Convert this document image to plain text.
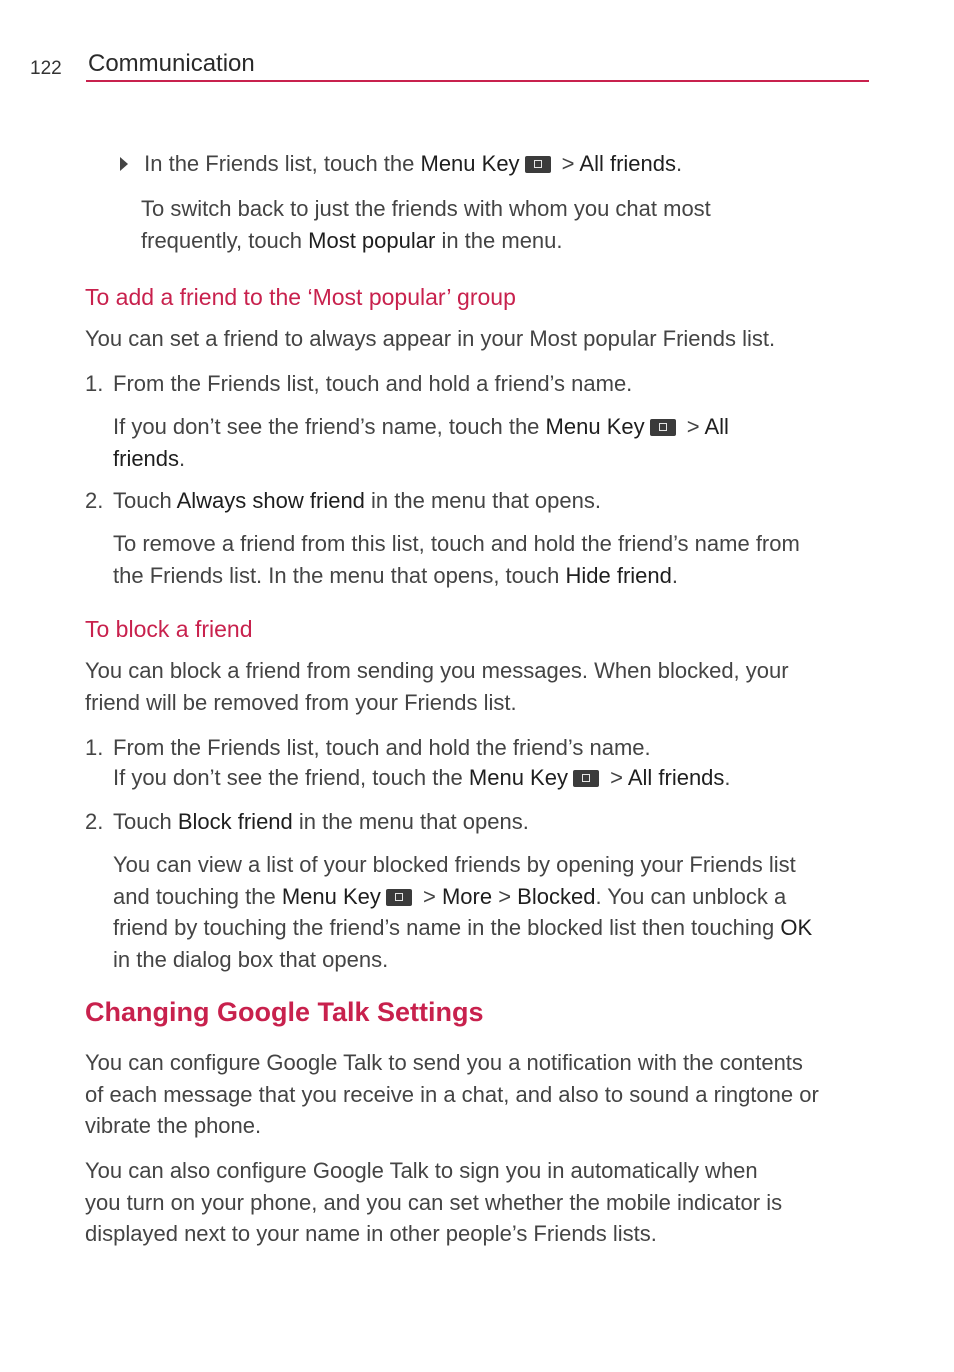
122 Communication
In the Friends list, touch the Menu Key > All friends.
To switch back to just the friends with whom you chat most
frequently, touch Most popular in the menu.
To add a friend to the ‘Most popular’ group
You can set a friend to always appear in your Most popular Friends list.
1. From the Friends list, touch and hold a friend’s name.
If you don’t see the friend’s name, touch the Menu Key > All
friends.
2. Touch Always show friend in the menu that opens.
To remove a friend from this list, touch and hold the friend’s name from
the Friends list. In the menu that opens, touch Hide friend.
To block a friend
You can block a friend from sending you messages. When blocked, your
friend will be removed from your Friends list.
1. From the Friends list, touch and hold the friend’s name.
If you don’t see the friend, touch the Menu Key > All friends.
2. Touch Block friend in the menu that opens.
You can view a list of your blocked friends by opening your Friends list
and touching the Menu Key > More > Blocked. You can unblock a
friend by touching the friend’s name in the blocked list then touching OK
in the dialog box that opens.
Changing Google Talk Settings
You can configure Google Talk to send you a notification with the contents
of each message that you receive in a chat, and also to sound a ringtone or
vibrate the phone.
You can also configure Google Talk to sign you in automatically when
you turn on your phone, and you can set whether the mobile indicator is
displayed next to your name in other people’s Friends lists.
